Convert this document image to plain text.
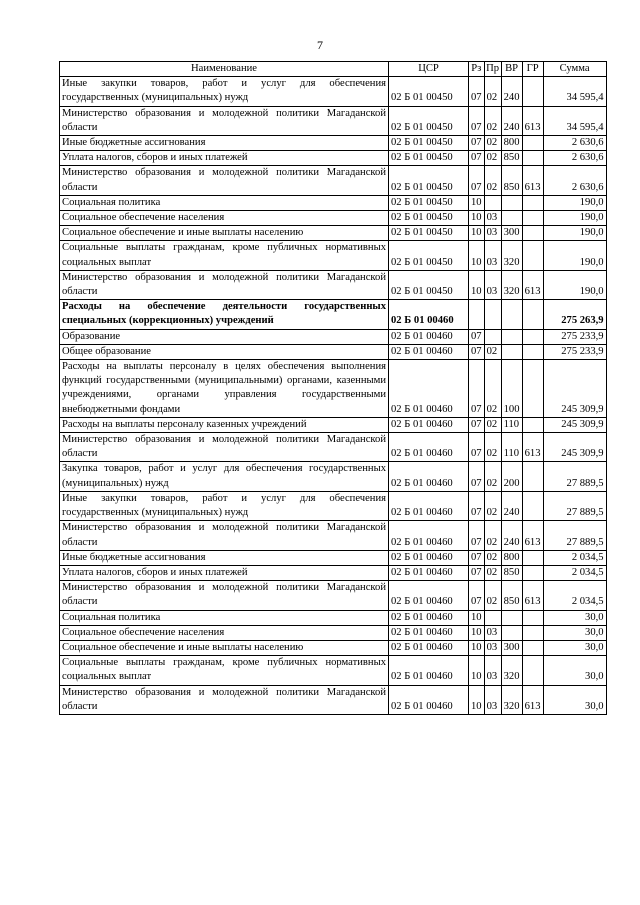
7
Наименование	ЦСР	Рз	Пр	ВР	ГР	Сумма
Иные закупки товаров, работ и услуг для обеспечения государственных (муниципальных) нужд	02 Б 01 00450	07	02	240		34 595,4
Министерство образования и молодежной политики Магаданской области	02 Б 01 00450	07	02	240	613	34 595,4
Иные бюджетные ассигнования	02 Б 01 00450	07	02	800		2 630,6
Уплата налогов, сборов и иных платежей	02 Б 01 00450	07	02	850		2 630,6
Министерство образования и молодежной политики Магаданской области	02 Б 01 00450	07	02	850	613	2 630,6
Социальная политика	02 Б 01 00450	10				190,0
Социальное обеспечение населения	02 Б 01 00450	10	03			190,0
Социальное обеспечение и иные выплаты населению	02 Б 01 00450	10	03	300		190,0
Социальные выплаты гражданам, кроме публичных нормативных социальных выплат	02 Б 01 00450	10	03	320		190,0
Министерство образования и молодежной политики Магаданской области	02 Б 01 00450	10	03	320	613	190,0
Расходы на обеспечение деятельности государственных специальных (коррекционных) учреждений	02 Б 01 00460					275 263,9
Образование	02 Б 01 00460	07				275 233,9
Общее образование	02 Б 01 00460	07	02			275 233,9
Расходы на выплаты персоналу в целях обеспечения выполнения функций государственными (муниципальными) органами, казенными учреждениями, органами управления государственными внебюджетными фондами	02 Б 01 00460	07	02	100		245 309,9
Расходы на выплаты персоналу казенных учреждений	02 Б 01 00460	07	02	110		245 309,9
Министерство образования и молодежной политики Магаданской области	02 Б 01 00460	07	02	110	613	245 309,9
Закупка товаров, работ и услуг для обеспечения государственных (муниципальных) нужд	02 Б 01 00460	07	02	200		27 889,5
Иные закупки товаров, работ и услуг для обеспечения государственных (муниципальных) нужд	02 Б 01 00460	07	02	240		27 889,5
Министерство образования и молодежной политики Магаданской области	02 Б 01 00460	07	02	240	613	27 889,5
Иные бюджетные ассигнования	02 Б 01 00460	07	02	800		2 034,5
Уплата налогов, сборов и иных платежей	02 Б 01 00460	07	02	850		2 034,5
Министерство образования и молодежной политики Магаданской области	02 Б 01 00460	07	02	850	613	2 034,5
Социальная политика	02 Б 01 00460	10				30,0
Социальное обеспечение населения	02 Б 01 00460	10	03			30,0
Социальное обеспечение и иные выплаты населению	02 Б 01 00460	10	03	300		30,0
Социальные выплаты гражданам, кроме публичных нормативных социальных выплат	02 Б 01 00460	10	03	320		30,0
Министерство образования и молодежной политики Магаданской области	02 Б 01 00460	10	03	320	613	30,0
